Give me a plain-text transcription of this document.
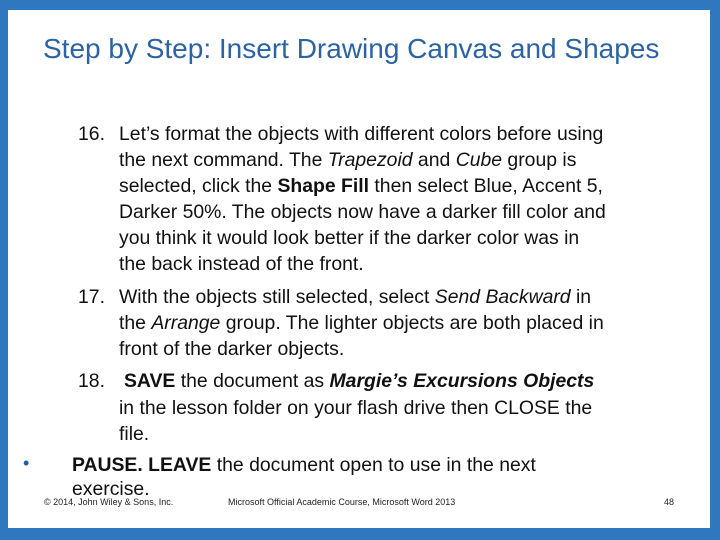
Step by Step: Insert Drawing Canvas and Shapes
16. Let’s format the objects with different colors before using
the next command. The Trapezoid and Cube group is
selected, click the Shape Fill then select Blue, Accent 5,
Darker 50%. The objects now have a darker fill color and
you think it would look better if the darker color was in
the back instead of the front.
17. With the objects still selected, select Send Backward in
the Arrange group. The lighter objects are both placed in
front of the darker objects.
18. SAVE the document as Margie’s Excursions Objects
in the lesson folder on your flash drive then CLOSE the
file.
• PAUSE. LEAVE the document open to use in the next
exercise.
© 2014, John Wiley & Sons, Inc.	Microsoft Official Academic Course, Microsoft Word 2013	48
